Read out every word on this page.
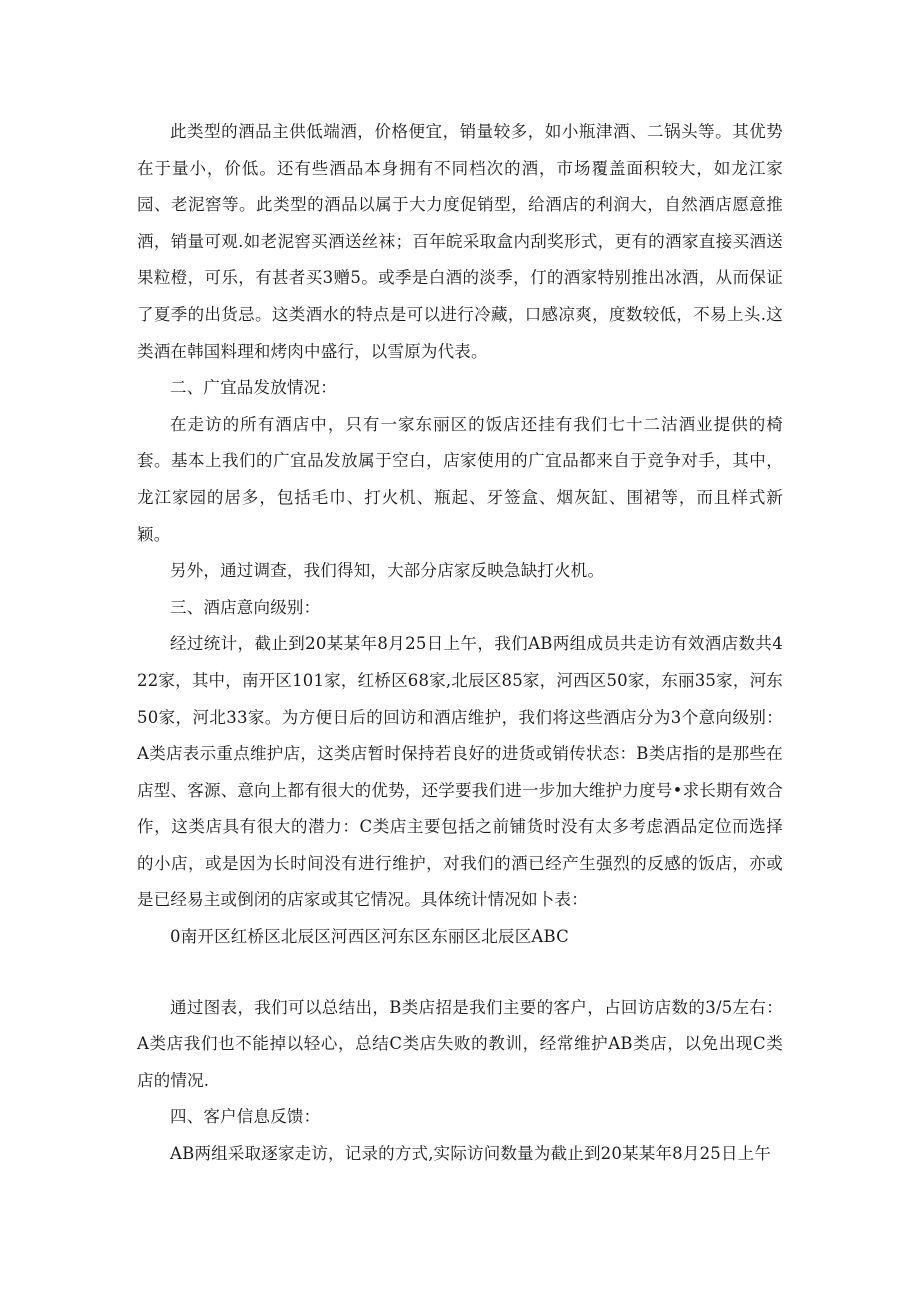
此类型的酒品主供低端酒，价格便宜，销量较多，如小瓶津酒、二锅头等。其优势在于量小，价低。还有些酒品本身拥有不同档次的酒，市场覆盖面积较大，如龙江家园、老泥窖等。此类型的酒品以属于大力度促销型，给酒店的利润大，自然酒店愿意推酒，销量可观.如老泥窖买酒送丝袜；百年皖采取盒内刮奖形式，更有的酒家直接买酒送果粒橙，可乐，有甚者买3赠5。或季是白酒的淡季，仃的酒家特别推出冰酒，从而保证了夏季的出货忌。这类酒水的特点是可以进行冷藏，口感凉爽，度数较低，不易上头.这类酒在韩国料理和烤肉中盛行，以雪原为代表。

二、广宜品发放情况：

在走访的所有酒店中，只有一家东丽区的饭店还挂有我们七十二沽酒业提供的椅套。基本上我们的广宜品发放属于空白，店家使用的广宜品都来自于竞争对手，其中，龙江家园的居多，包括毛巾、打火机、瓶起、牙签盒、烟灰缸、围裙等，而且样式新颖。

另外，通过调查，我们得知，大部分店家反映急缺打火机。

三、酒店意向级别：

经过统计，截止到20某某年8月25日上午，我们AB两组成员共走访有效酒店数共422家，其中，南开区101家，红桥区68家,北辰区85家，河西区50家，东丽35家，河东50家，河北33家。为方便日后的回访和酒店维护，我们将这些酒店分为3个意向级别：A类店表示重点维护店，这类店暂时保持若良好的进货或销传状态：B类店指的是那些在店型、客源、意向上都有很大的优势，还学要我们进一步加大维护力度号•求长期有效合作，这类店具有很大的潜力：C类店主要包括之前铺货时没有太多考虑酒品定位而选择的小店，或是因为长时间没有进行维护，对我们的酒已经产生强烈的反感的饭店，亦或是已经易主或倒闭的店家或其它情况。具体统计情况如卜表：

0南开区红桥区北辰区河西区河东区东丽区北辰区ABC

通过图表，我们可以总结出，B类店招是我们主要的客户，占回访店数的3/5左右：A类店我们也不能掉以轻心，总结C类店失败的教训，经常维护AB类店，以免出现C类店的情况.

四、客户信息反馈：

AB两组采取逐家走访，记录的方式,实际访问数量为截止到20某某年8月25日上午
